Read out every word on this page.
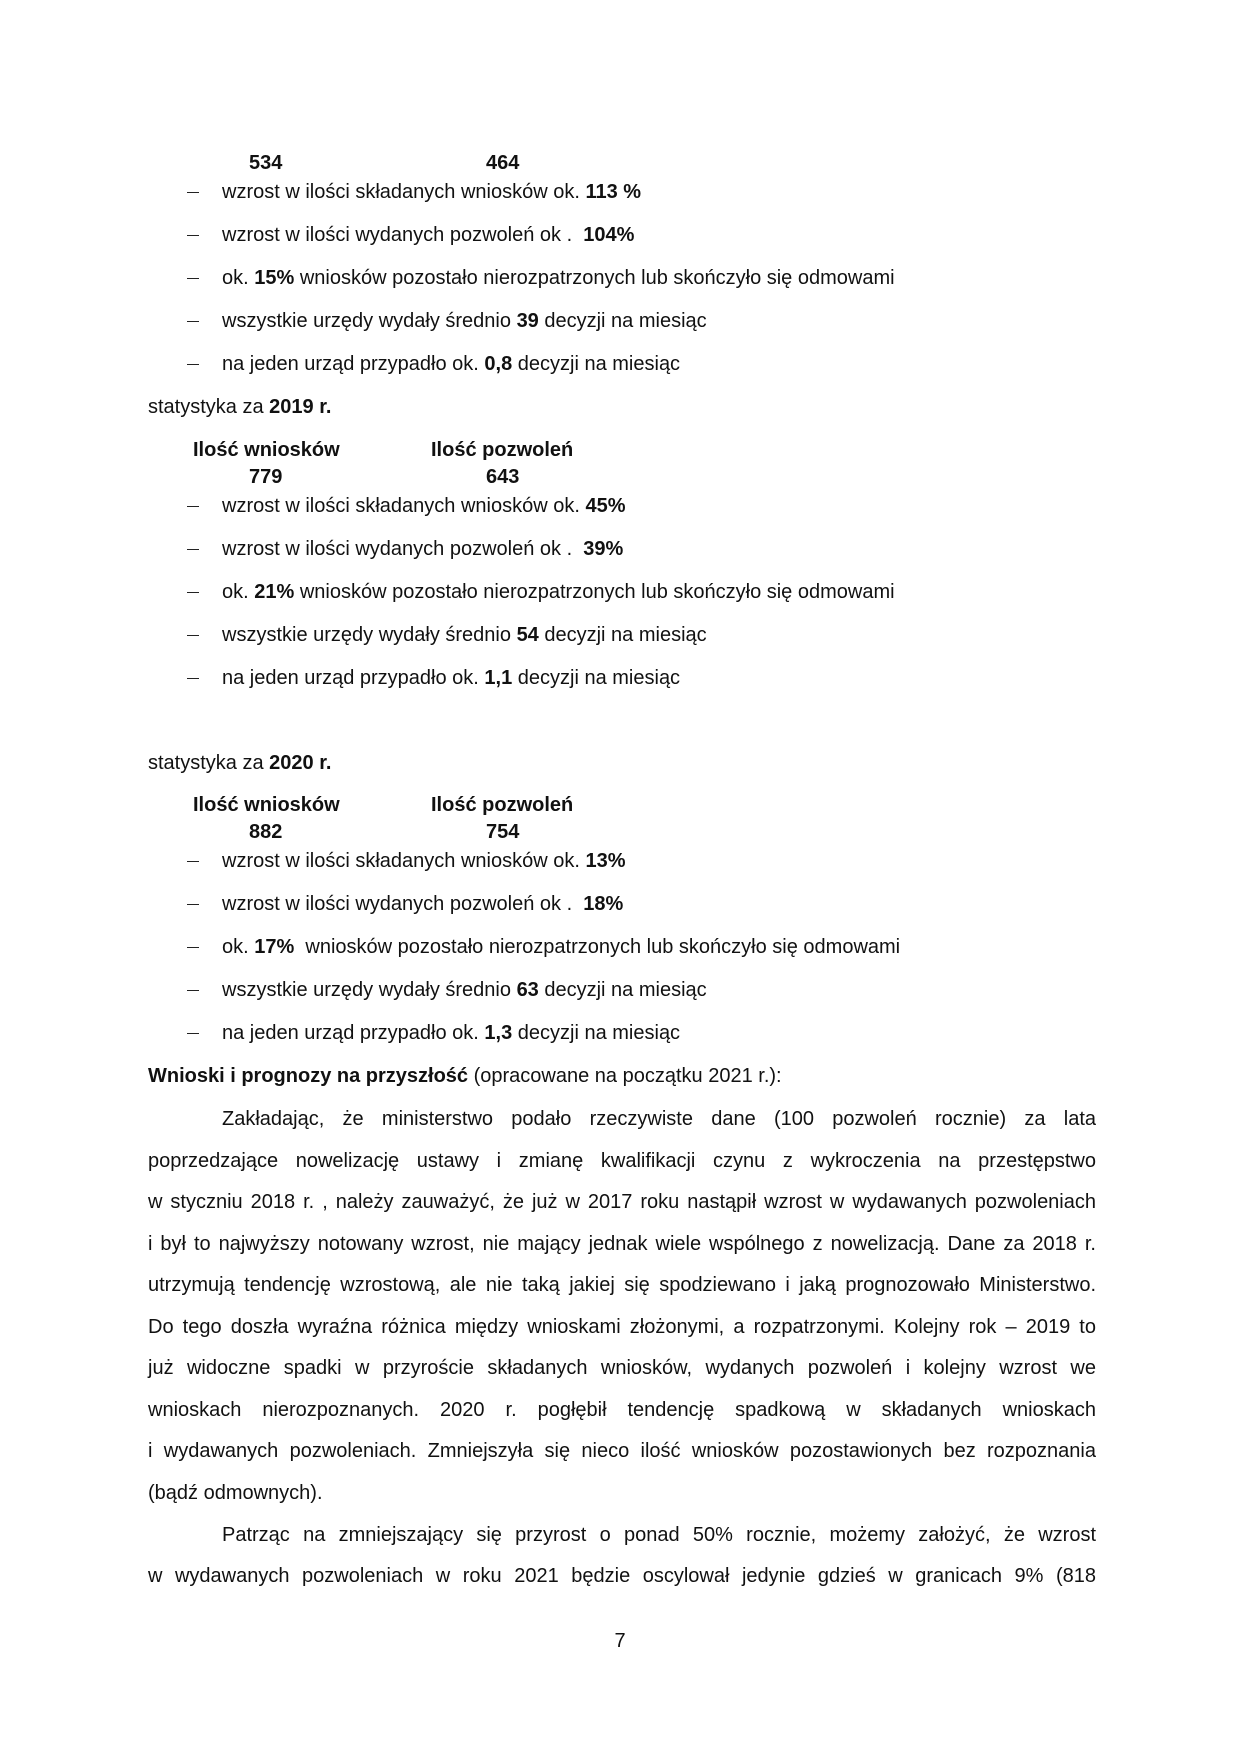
534	464
wzrost w ilości składanych wniosków ok. 113 %
wzrost w ilości wydanych pozwoleń ok .  104%
ok. 15% wniosków pozostało nierozpatrzonych lub skończyło się odmowami
wszystkie urzędy wydały średnio 39 decyzji na miesiąc
na jeden urząd przypadło ok. 0,8 decyzji na miesiąc
statystyka za 2019 r.
Ilość wniosków	Ilość pozwoleń
779	643
wzrost w ilości składanych wniosków ok. 45%
wzrost w ilości wydanych pozwoleń ok .  39%
ok. 21% wniosków pozostało nierozpatrzonych lub skończyło się odmowami
wszystkie urzędy wydały średnio 54 decyzji na miesiąc
na jeden urząd przypadło ok. 1,1 decyzji na miesiąc
statystyka za 2020 r.
Ilość wniosków	Ilość pozwoleń
882	754
wzrost w ilości składanych wniosków ok. 13%
wzrost w ilości wydanych pozwoleń ok .  18%
ok. 17%  wniosków pozostało nierozpatrzonych lub skończyło się odmowami
wszystkie urzędy wydały średnio 63 decyzji na miesiąc
na jeden urząd przypadło ok. 1,3 decyzji na miesiąc
Wnioski i prognozy na przyszłość (opracowane na początku 2021 r.):
Zakładając, że ministerstwo podało rzeczywiste dane (100 pozwoleń rocznie) za lata
poprzedzające nowelizację ustawy i zmianę kwalifikacji czynu z wykroczenia na przestępstwo
w styczniu 2018 r. , należy zauważyć, że już w 2017 roku nastąpił wzrost w wydawanych pozwoleniach
i był to najwyższy notowany wzrost, nie mający jednak wiele wspólnego z nowelizacją. Dane za 2018 r.
utrzymują tendencję wzrostową, ale nie taką jakiej się spodziewano i jaką prognozowało Ministerstwo.
Do tego doszła wyraźna różnica między wnioskami złożonymi, a rozpatrzonymi. Kolejny rok – 2019 to
już widoczne spadki w przyroście składanych wniosków, wydanych pozwoleń i kolejny wzrost we
wnioskach nierozpoznanych. 2020 r. pogłębił tendencję spadkową w składanych wnioskach
i wydawanych pozwoleniach. Zmniejszyła się nieco ilość wniosków pozostawionych bez rozpoznania
(bądź odmownych).
Patrząc na zmniejszający się przyrost o ponad 50% rocznie, możemy założyć, że wzrost
w wydawanych pozwoleniach w roku 2021 będzie oscylował jedynie gdzieś w granicach 9% (818
7
